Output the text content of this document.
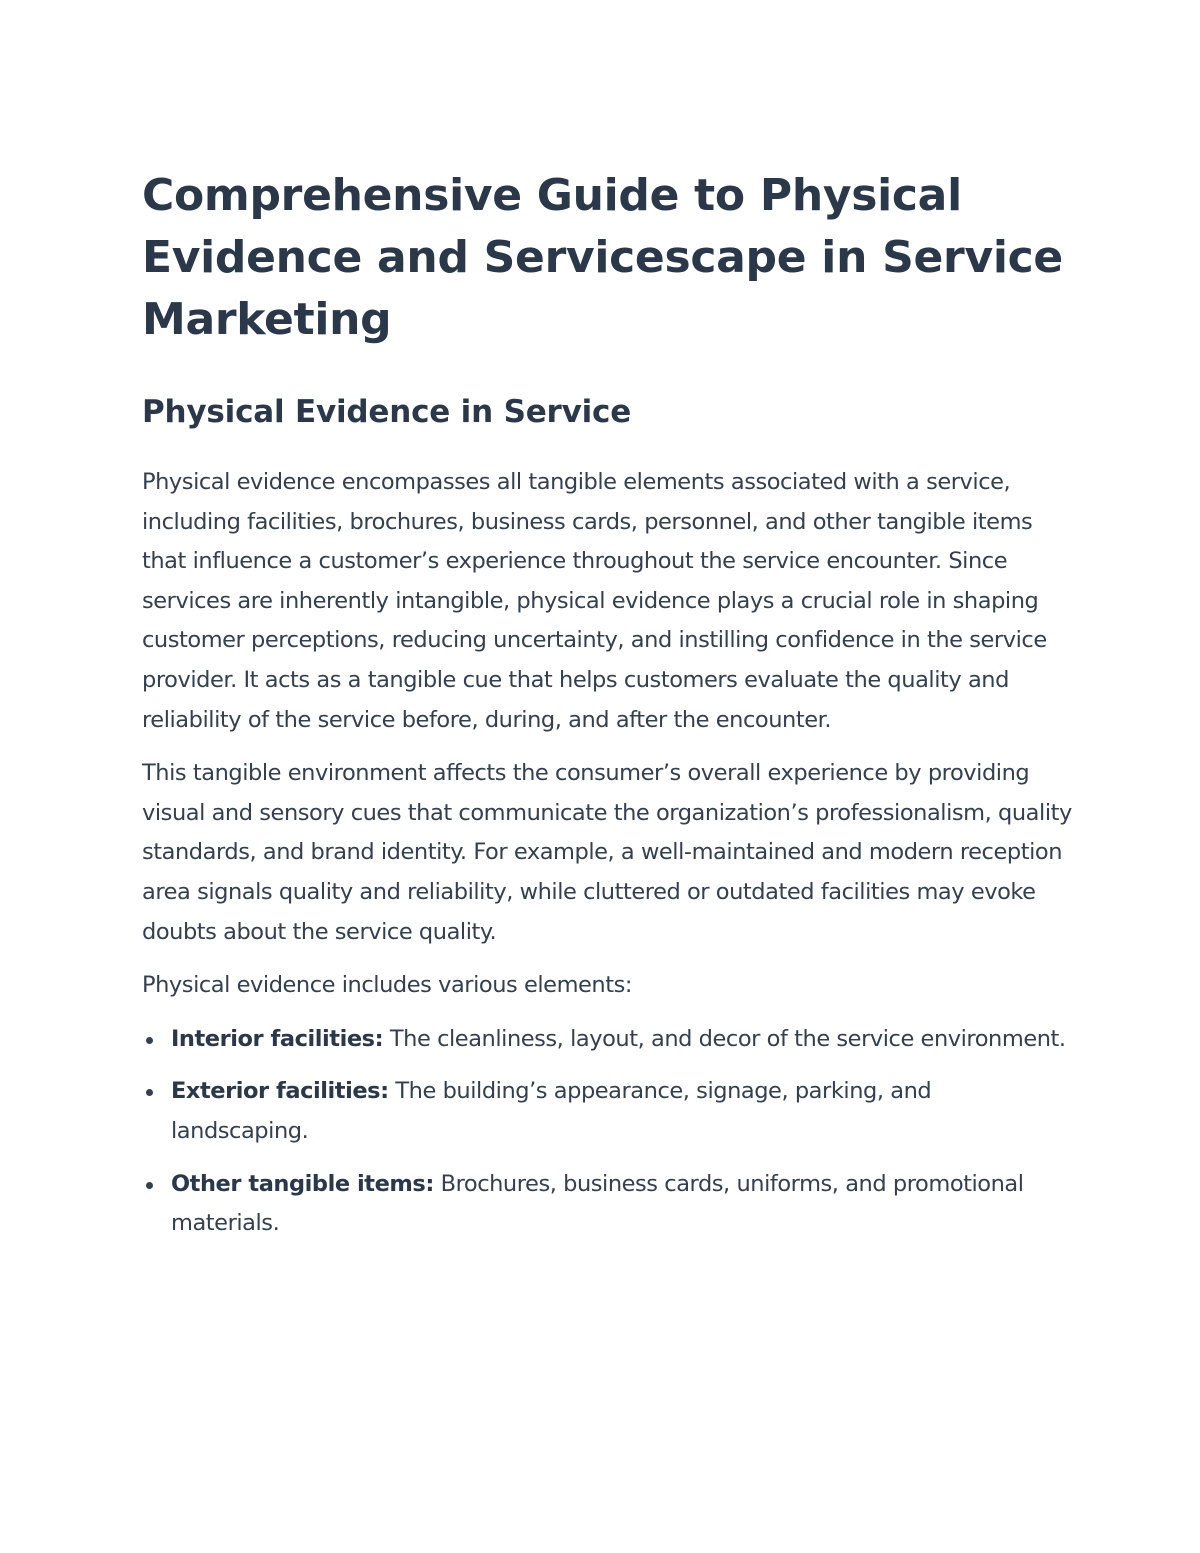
Comprehensive Guide to Physical Evidence and Servicescape in Service Marketing
Physical Evidence in Service

Physical evidence encompasses all tangible elements associated with a service, including facilities, brochures, business cards, personnel, and other tangible items that influence a customer’s experience throughout the service encounter. Since services are inherently intangible, physical evidence plays a crucial role in shaping customer perceptions, reducing uncertainty, and instilling confidence in the service provider. It acts as a tangible cue that helps customers evaluate the quality and reliability of the service before, during, and after the encounter.

This tangible environment affects the consumer’s overall experience by providing visual and sensory cues that communicate the organization’s professionalism, quality standards, and brand identity. For example, a well-maintained and modern reception area signals quality and reliability, while cluttered or outdated facilities may evoke doubts about the service quality.

Physical evidence includes various elements:

Interior facilities: The cleanliness, layout, and decor of the service environment.
Exterior facilities: The building’s appearance, signage, parking, and landscaping.
Other tangible items: Brochures, business cards, uniforms, and promotional materials.
